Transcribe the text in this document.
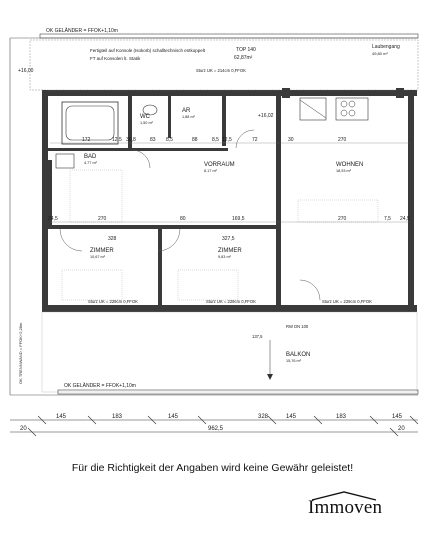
OK GELÄNDER = FFOK+1,10m
Fertigteil auf Konsole (Isokorb) schalltechnisch entkoppelt
FT auf Konsolen lt. Statik
TOP 140
62,87m²
+16,00
Laubengang
49,80 m²
Sturz UK = 214cm 0,FFOK
+16,02
172	12,5 30,8	83 8,5	88	8,5 12,5	72	30	270
WC
1,50 m²
AR
1,88 m²
BAD
4,77 m²	VORRAUM
8,17 m²
WOHNEN
18,93 m²
ZIMMER
10,67 m²
ZIMMER
9,83 m²
BALKON
15,76 m²
24,5	270	80	169,5	270	7,5 24,5
328	327,5
Sturz UK = 229cm 0,FFOK	Sturz UK = 229cm 0,FFOK	Sturz UK = 229cm 0,FFOK
137,5
RW DN 100
OK TRENNWAND = FFOK+2,28m
OK GELÄNDER = FFOK+1,10m
145	183	145	328	145	183	145
20	962,5	20
Für die Richtigkeit der Angaben wird keine Gewähr geleistet!
Immoven
